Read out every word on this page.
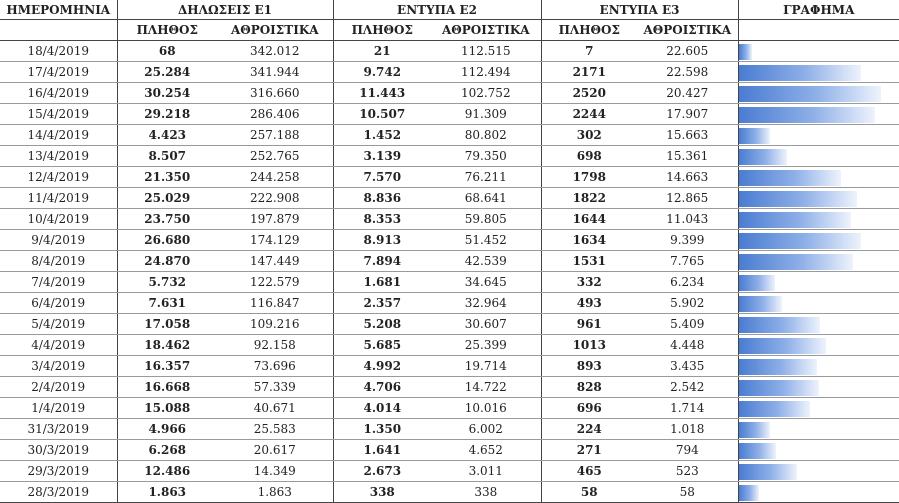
ΗΜΕΡΟΜΗΝΙΑ	ΔΗΛΩΣΕΙΣ Ε1		ΕΝΤΥΠΑ Ε2		ΕΝΤΥΠΑ Ε3		ΓΡΑΦΗΜΑ
	ΠΛΗΘΟΣ	ΑΘΡΟΙΣΤΙΚΑ	ΠΛΗΘΟΣ	ΑΘΡΟΙΣΤΙΚΑ	ΠΛΗΘΟΣ	ΑΘΡΟΙΣΤΙΚΑ	
18/4/2019	68	342.012	21	112.515	7	22.605	

17/4/2019	25.284	341.944	9.742	112.494	2171	22.598	

16/4/2019	30.254	316.660	11.443	102.752	2520	20.427	

15/4/2019	29.218	286.406	10.507	91.309	2244	17.907	

14/4/2019	4.423	257.188	1.452	80.802	302	15.663	

13/4/2019	8.507	252.765	3.139	79.350	698	15.361	

12/4/2019	21.350	244.258	7.570	76.211	1798	14.663	

11/4/2019	25.029	222.908	8.836	68.641	1822	12.865	

10/4/2019	23.750	197.879	8.353	59.805	1644	11.043	

9/4/2019	26.680	174.129	8.913	51.452	1634	9.399	

8/4/2019	24.870	147.449	7.894	42.539	1531	7.765	

7/4/2019	5.732	122.579	1.681	34.645	332	6.234	

6/4/2019	7.631	116.847	2.357	32.964	493	5.902	

5/4/2019	17.058	109.216	5.208	30.607	961	5.409	

4/4/2019	18.462	92.158	5.685	25.399	1013	4.448	

3/4/2019	16.357	73.696	4.992	19.714	893	3.435	

2/4/2019	16.668	57.339	4.706	14.722	828	2.542	

1/4/2019	15.088	40.671	4.014	10.016	696	1.714	

31/3/2019	4.966	25.583	1.350	6.002	224	1.018	

30/3/2019	6.268	20.617	1.641	4.652	271	794	

29/3/2019	12.486	14.349	2.673	3.011	465	523	

28/3/2019	1.863	1.863	338	338	58	58	
